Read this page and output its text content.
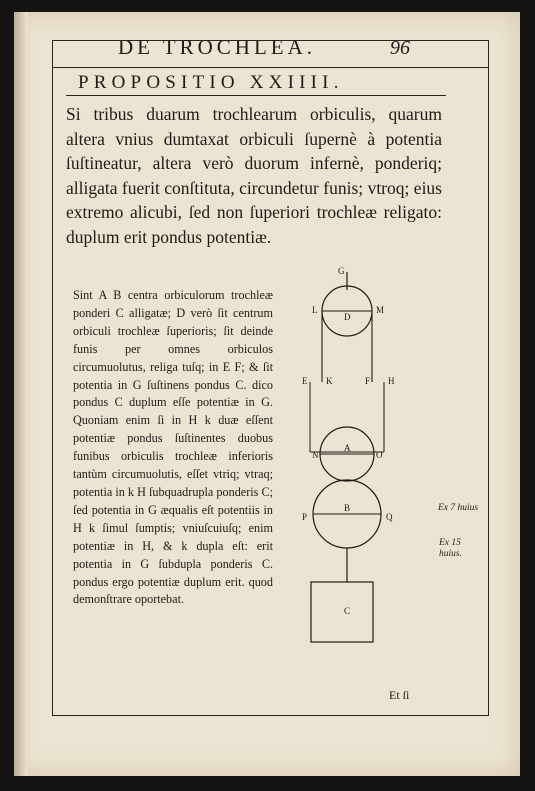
DE TROCHLEA.	96
PROPOSITIO XXIIII.
Si tribus duarum trochlearum orbiculis, quarum altera vnius dumtaxat orbiculi ſupernè à potentia ſuſtineatur, altera verò duorum infernè, ponderiq; alligata fuerit conſtituta, circundetur funis; vtroq; eius extremo alicubi, ſed non ſuperiori trochleæ religato: duplum erit pondus potentiæ.
Sint A B centra orbiculorum trochleæ ponderi C alligatæ; D verò ſit centrum orbiculi trochleæ ſuperioris; ſit deinde funis per omnes orbiculos circumuolutus, religa tuſq; in E F; & ſit potentia in G ſuſtinens pondus C. dico pondus C duplum eſſe potentiæ in G. Quoniam enim ſi in H k duæ eſſent potentiæ pondus ſuſtinentes duobus funibus orbiculis trochleæ inferioris tantùm circumuolutis, eſſet vtriq; vtraq; potentia in k H ſubquadrupla ponderis C; ſed potentia in G æqualis eſt potentiis in H k ſimul ſumptis; vniuſcuiuſq; enim potentiæ in H, & k dupla eſt: erit potentia in G ſubdupla ponderis C. pondus ergo potentiæ duplum erit. quod demonſtrare oportebat.
G
L
D
M
E K	F H
N
A
O
P
B
Q
C
Ex 7 huius
Ex 15 huius.
Et ſi
